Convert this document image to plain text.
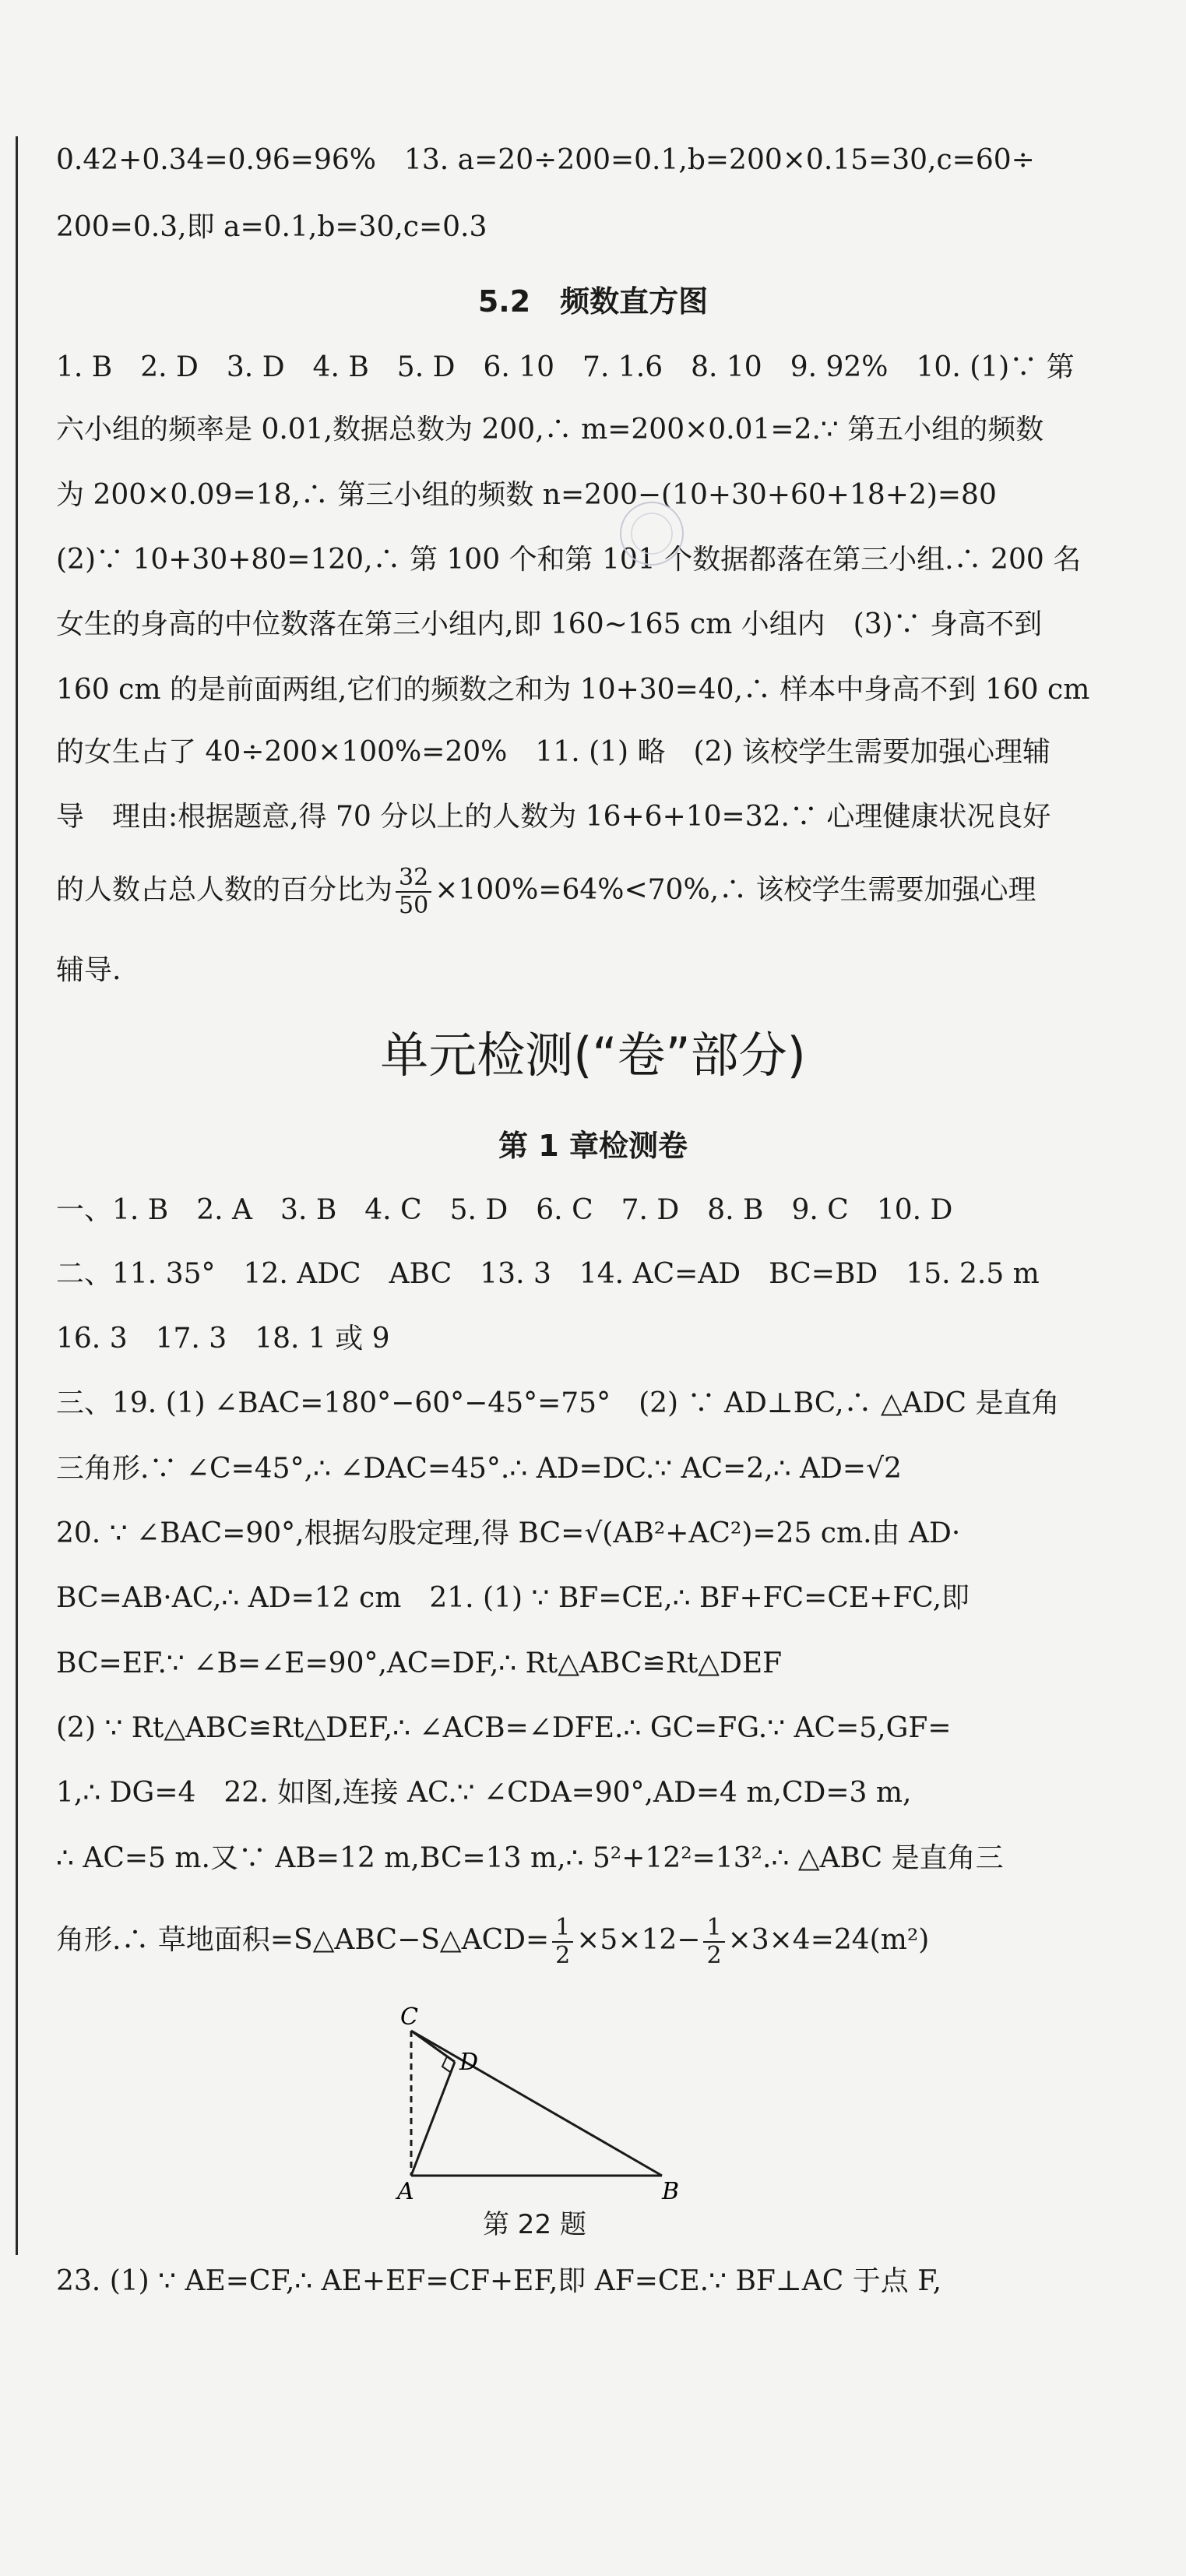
0.42+0.34=0.96=96%　13. a=20÷200=0.1,b=200×0.15=30,c=60÷
200=0.3,即 a=0.1,b=30,c=0.3
5.2　频数直方图
1. B　2. D　3. D　4. B　5. D　6. 10　7. 1.6　8. 10　9. 92%　10. (1)∵ 第
六小组的频率是 0.01,数据总数为 200,∴ m=200×0.01=2.∵ 第五小组的频数
为 200×0.09=18,∴ 第三小组的频数 n=200−(10+30+60+18+2)=80
(2)∵ 10+30+80=120,∴ 第 100 个和第 101 个数据都落在第三小组.∴ 200 名
女生的身高的中位数落在第三小组内,即 160~165 cm 小组内　(3)∵ 身高不到
160 cm 的是前面两组,它们的频数之和为 10+30=40,∴ 样本中身高不到 160 cm
的女生占了 40÷200×100%=20%　11. (1) 略　(2) 该校学生需要加强心理辅
导　理由:根据题意,得 70 分以上的人数为 16+6+10=32.∵ 心理健康状况良好
的人数占总人数的百分比为 $\frac{32}{50}$ ×100%=64%<70%,∴ 该校学生需要加强心理
辅导.
单元检测(“卷”部分)
第 1 章检测卷
一、1. B　2. A　3. B　4. C　5. D　6. C　7. D　8. B　9. C　10. D
二、11. 35°　12. ADC　ABC　13. 3　14. AC=AD　BC=BD　15. 2.5 m
16. 3　17. 3　18. 1 或 9
三、19. (1) ∠BAC=180°−60°−45°=75°　(2) ∵ AD⊥BC,∴ △ADC 是直角
三角形.∵ ∠C=45°,∴ ∠DAC=45°.∴ AD=DC.∵ AC=2,∴ AD=√2
20. ∵ ∠BAC=90°,根据勾股定理,得 BC=√(AB²+AC²)=25 cm.由 AD·
BC=AB·AC,∴ AD=12 cm　21. (1) ∵ BF=CE,∴ BF+FC=CE+FC,即
BC=EF.∵ ∠B=∠E=90°,AC=DF,∴ Rt△ABC≌Rt△DEF
(2) ∵ Rt△ABC≌Rt△DEF,∴ ∠ACB=∠DFE.∴ GC=FG.∵ AC=5,GF=
1,∴ DG=4　22. 如图,连接 AC.∵ ∠CDA=90°,AD=4 m,CD=3 m,
∴ AC=5 m.又∵ AB=12 m,BC=13 m,∴ 5²+12²=13².∴ △ABC 是直角三
角形.∴ 草地面积=S△ABC−S△ACD= $\frac{1}{2} \times 5\times 12- \frac{1}{2} \times 3\times 4=24(m^2)$
C
D
A	B
第 22 题
23. (1) ∵ AE=CF,∴ AE+EF=CF+EF,即 AF=CE.∵ BF⊥AC 于点 F,
